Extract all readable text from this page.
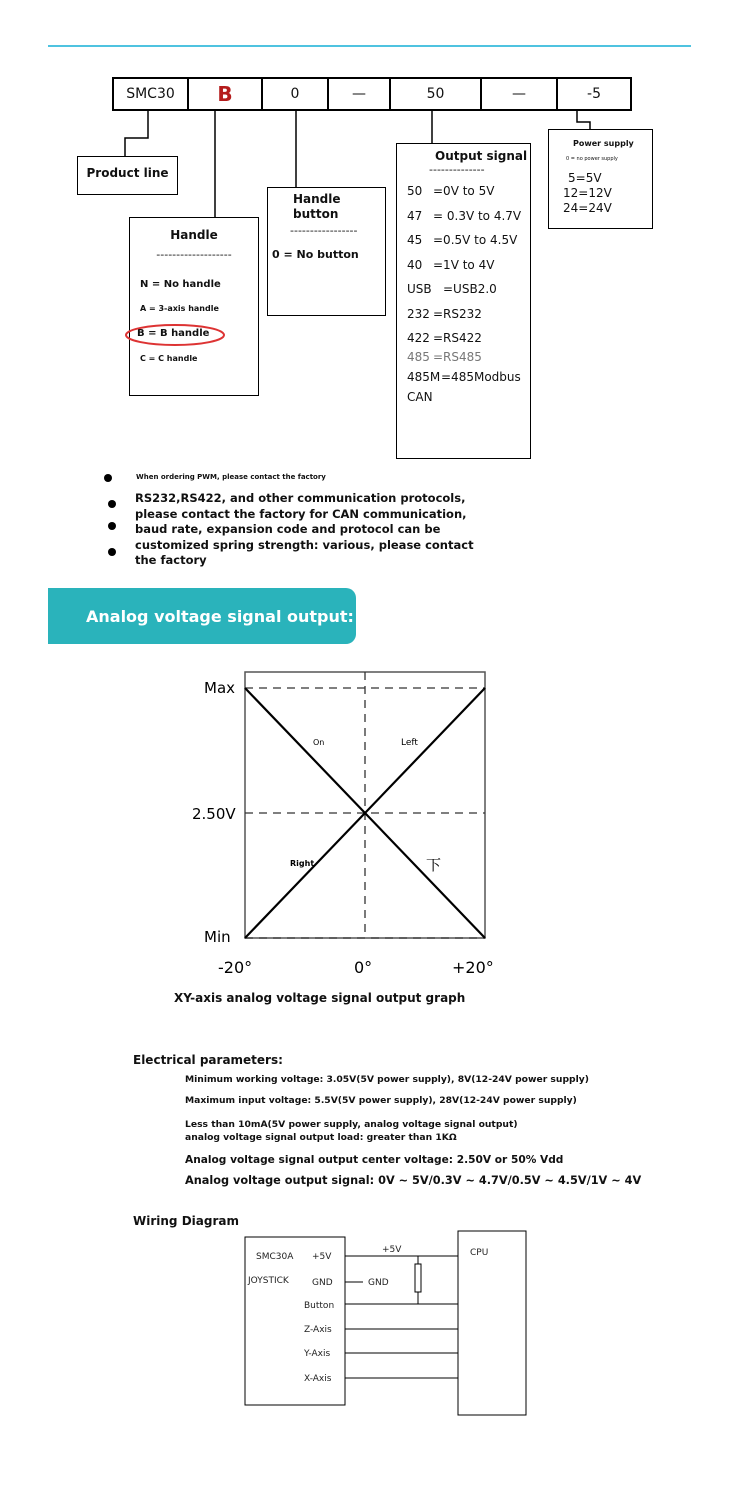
SMC30	B	0	—	50	—	-5
Product line
Handle
-------------------
N = No handle
A = 3-axis handle
B = B handle
C = C handle
Handle
button
-----------------
0 = No button
Output signal
--------------
50 =0V to 5V
47 = 0.3V to 4.7V
45 =0.5V to 4.5V
40 =1V to 4V
USB =USB2.0
232 =RS232
422 =RS422
485 =RS485
485M=485Modbus
CAN
Power supply
0 = no power supply
5=5V
12=12V
24=24V
When ordering PWM, please contact the factory
RS232,RS422, and other communication protocols,
please contact the factory for CAN communication,
baud rate, expansion code and protocol can be
customized spring strength: various, please contact
the factory
Analog voltage signal output:
Max
2.50V
Min
-20°	0°	+20°
On	Left
Right	下
XY-axis analog voltage signal output graph
Electrical parameters:
Minimum working voltage: 3.05V(5V power supply), 8V(12-24V power supply)
Maximum input voltage: 5.5V(5V power supply), 28V(12-24V power supply)
Less than 10mA(5V power supply, analog voltage signal output)
analog voltage signal output load: greater than 1KΩ
Analog voltage signal output center voltage: 2.50V or 50% Vdd
Analog voltage output signal: 0V ~ 5V/0.3V ~ 4.7V/0.5V ~ 4.5V/1V ~ 4V
Wiring Diagram
SMC30A
JOYSTICK
+5V
GND
Button
Z-Axis
Y-Axis
X-Axis
+5V
GND
CPU
